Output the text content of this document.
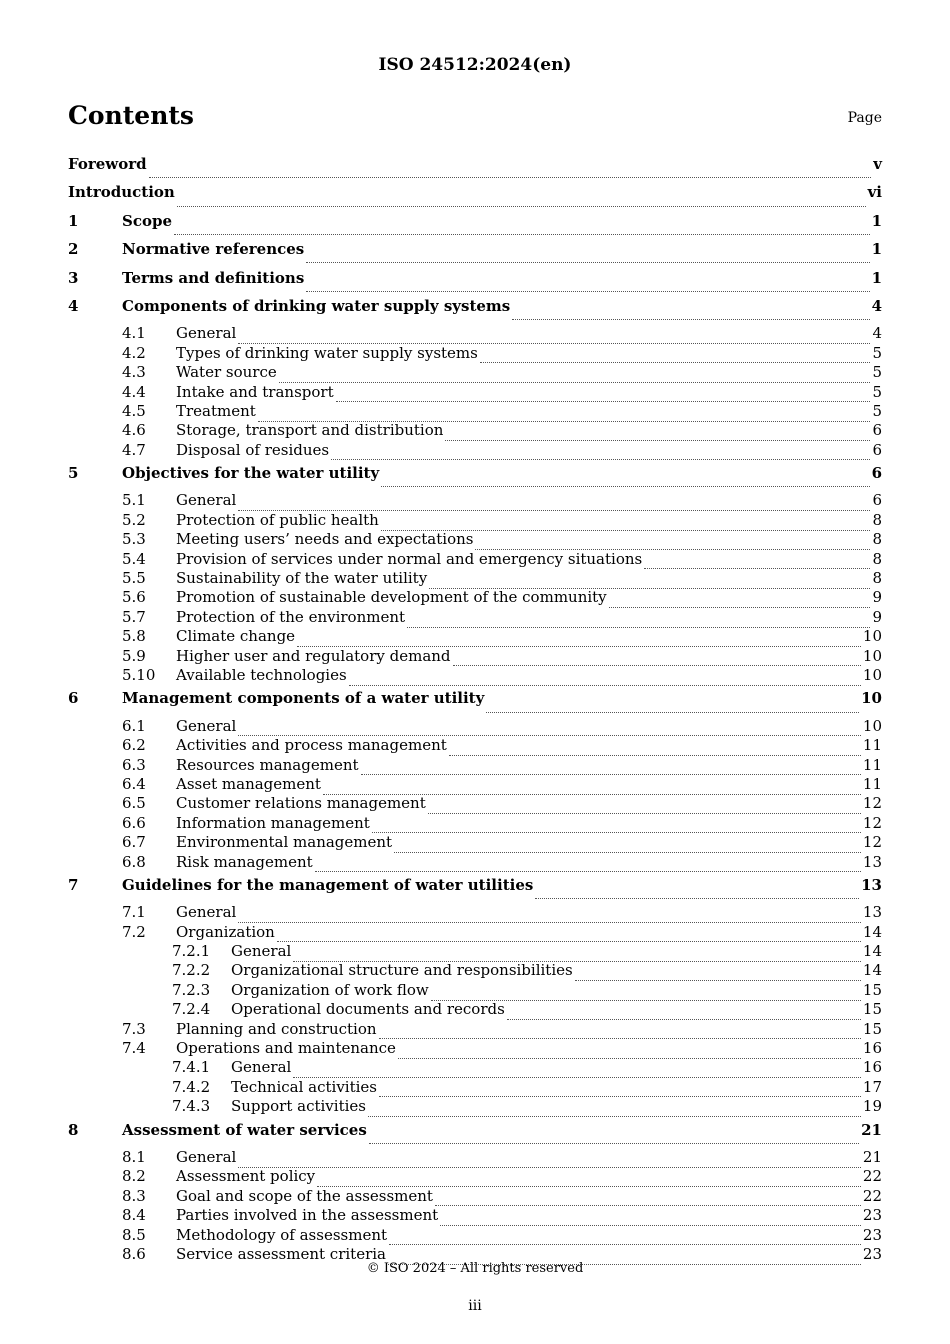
ISO 24512:2024(en)
Contents	Page
Foreword	v
Introduction	vi
1	Scope	1
2	Normative references	1
3	Terms and definitions	1
4	Components of drinking water supply systems	4
4.1	General	4
4.2	Types of drinking water supply systems	5
4.3	Water source	5
4.4	Intake and transport	5
4.5	Treatment	5
4.6	Storage, transport and distribution	6
4.7	Disposal of residues	6
5	Objectives for the water utility	6
5.1	General	6
5.2	Protection of public health	8
5.3	Meeting users’ needs and expectations	8
5.4	Provision of services under normal and emergency situations	8
5.5	Sustainability of the water utility	8
5.6	Promotion of sustainable development of the community	9
5.7	Protection of the environment	9
5.8	Climate change	10
5.9	Higher user and regulatory demand	10
5.10	Available technologies	10
6	Management components of a water utility	10
6.1	General	10
6.2	Activities and process management	11
6.3	Resources management	11
6.4	Asset management	11
6.5	Customer relations management	12
6.6	Information management	12
6.7	Environmental management	12
6.8	Risk management	13
7	Guidelines for the management of water utilities	13
7.1	General	13
7.2	Organization	14
7.2.1	General	14
7.2.2	Organizational structure and responsibilities	14
7.2.3	Organization of work flow	15
7.2.4	Operational documents and records	15
7.3	Planning and construction	15
7.4	Operations and maintenance	16
7.4.1	General	16
7.4.2	Technical activities	17
7.4.3	Support activities	19
8	Assessment of water services	21
8.1	General	21
8.2	Assessment policy	22
8.3	Goal and scope of the assessment	22
8.4	Parties involved in the assessment	23
8.5	Methodology of assessment	23
8.6	Service assessment criteria	23
© ISO 2024 – All rights reserved
iii
